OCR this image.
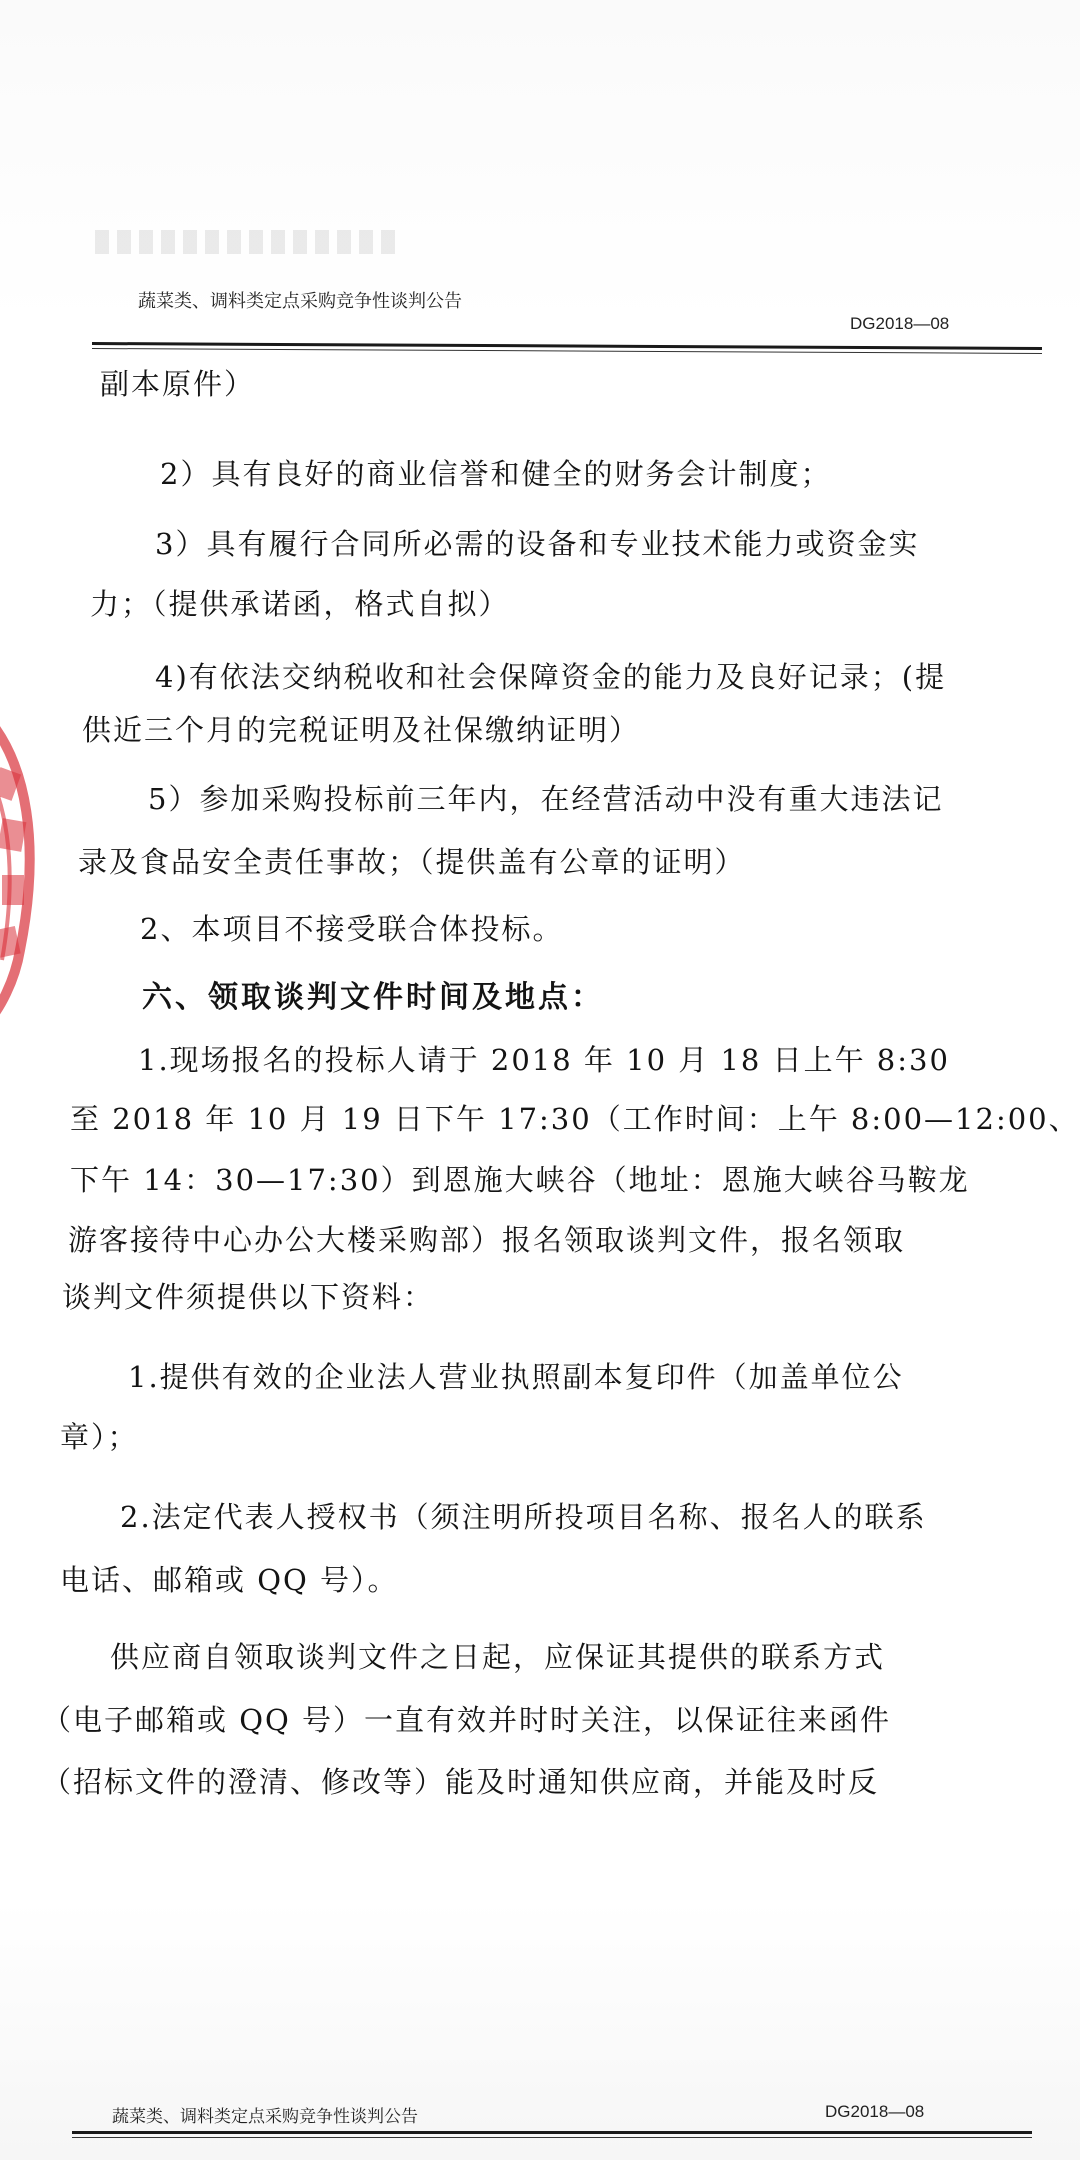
蔬菜类、调料类定点采购竞争性谈判公告
DG2018—08
副本原件）
2）具有良好的商业信誉和健全的财务会计制度；
3）具有履行合同所必需的设备和专业技术能力或资金实
力；（提供承诺函，格式自拟）
4)有依法交纳税收和社会保障资金的能力及良好记录；(提
供近三个月的完税证明及社保缴纳证明）
5）参加采购投标前三年内，在经营活动中没有重大违法记
录及食品安全责任事故；（提供盖有公章的证明）
2、本项目不接受联合体投标。
六、领取谈判文件时间及地点：
1.现场报名的投标人请于 2018 年 10 月 18 日上午 8:30
至 2018 年 10 月 19 日下午 17:30（工作时间：上午 8:00—12:00、
下午 14：30—17:30）到恩施大峡谷（地址：恩施大峡谷马鞍龙
游客接待中心办公大楼采购部）报名领取谈判文件，报名领取
谈判文件须提供以下资料：
1.提供有效的企业法人营业执照副本复印件（加盖单位公
章）；
2.法定代表人授权书（须注明所投项目名称、报名人的联系
电话、邮箱或 QQ 号）。
供应商自领取谈判文件之日起，应保证其提供的联系方式
（电子邮箱或 QQ 号）一直有效并时时关注，以保证往来函件
（招标文件的澄清、修改等）能及时通知供应商，并能及时反
蔬菜类、调料类定点采购竞争性谈判公告	DG2018—08
